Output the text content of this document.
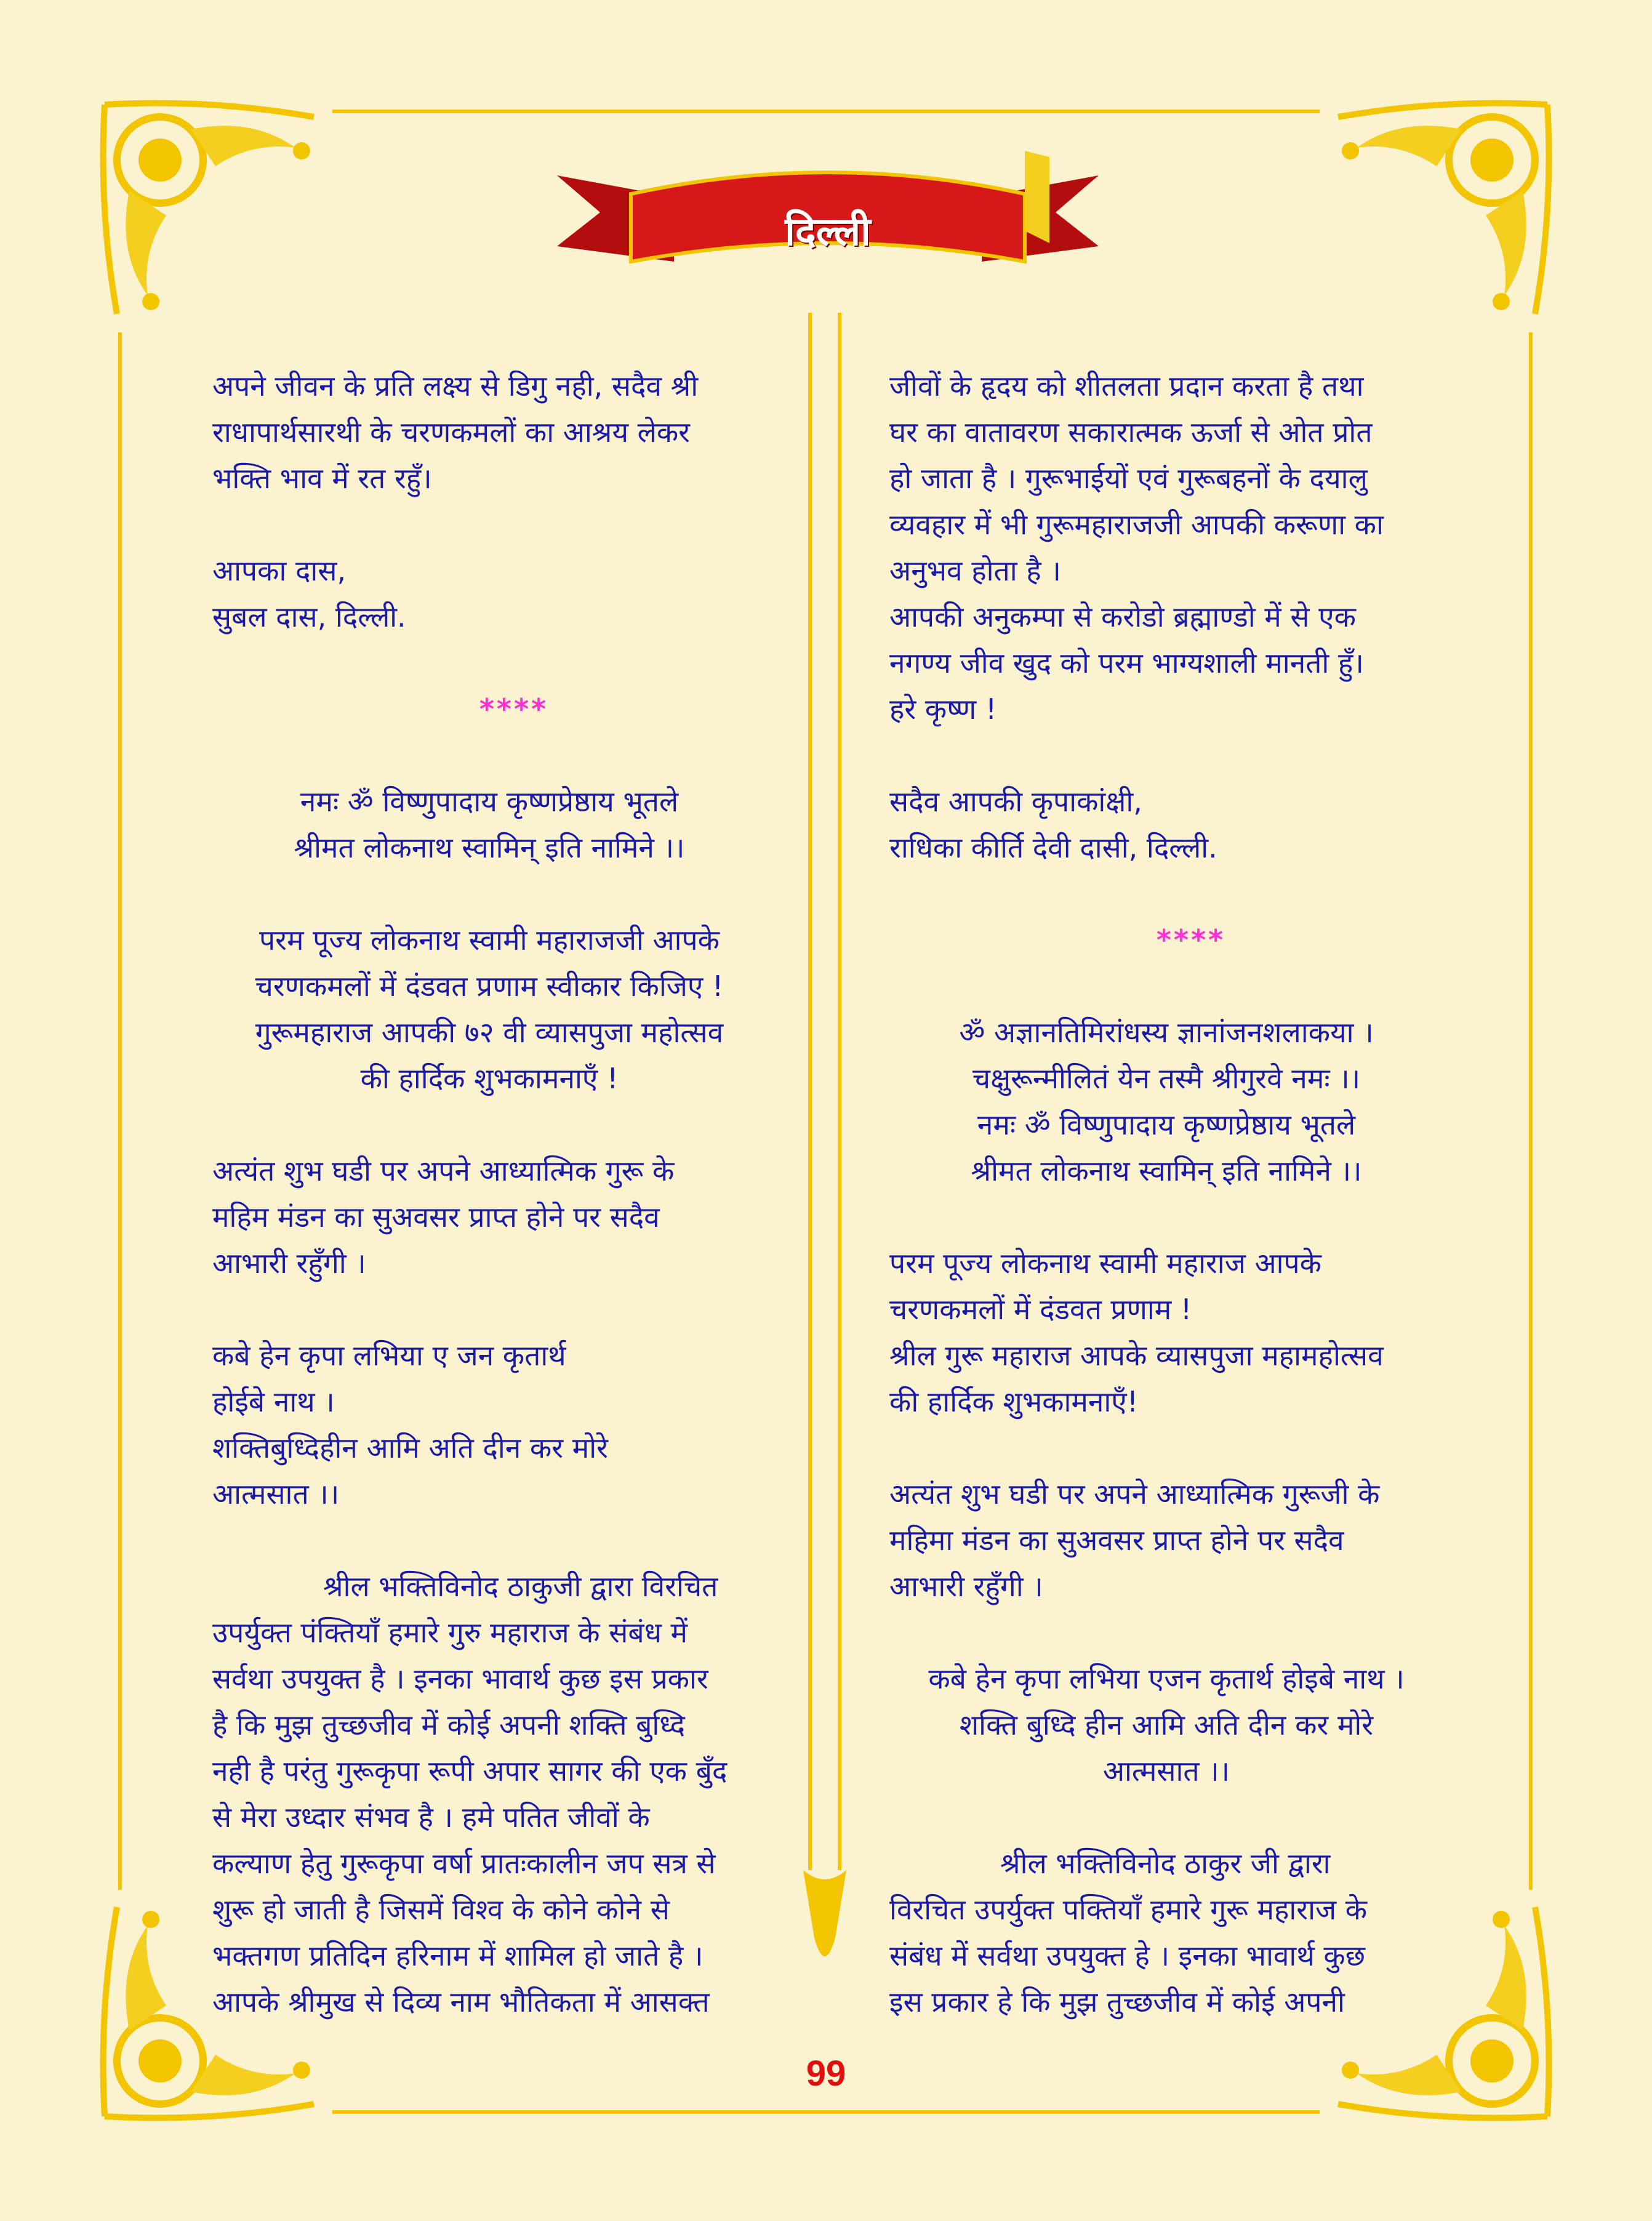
दिल्ली
अपने जीवन के प्रति लक्ष्य से डिगु नही, सदैव श्री
राधापार्थसारथी के चरणकमलों का आश्रय लेकर
भक्ति भाव में रत रहुँ।
आपका दास,
सुबल दास, दिल्ली.
****
नमः ॐ विष्णुपादाय कृष्णप्रेष्ठाय भूतले
श्रीमत लोकनाथ स्वामिन् इति नामिने ।।
परम पूज्य लोकनाथ स्वामी महाराजजी आपके
चरणकमलों में दंडवत प्रणाम स्वीकार किजिए !
गुरूमहाराज आपकी ७२ वी व्यासपुजा महोत्सव
की हार्दिक शुभकामनाएँ !
अत्यंत शुभ घडी पर अपने आध्यात्मिक गुरू के
महिम मंडन का सुअवसर प्राप्त होने पर सदैव
आभारी रहुँगी ।
कबे हेन कृपा लभिया ए जन कृतार्थ
होईबे नाथ ।
शक्तिबुध्दिहीन आमि अति दीन कर मोरे
आत्मसात ।।
श्रील भक्तिविनोद ठाकुजी द्वारा विरचित
उपर्युक्त पंक्तियाँ हमारे गुरु महाराज के संबंध में
सर्वथा उपयुक्त है । इनका भावार्थ कुछ इस प्रकार
है कि मुझ तुच्छजीव में कोई अपनी शक्ति बुध्दि
नही है परंतु गुरूकृपा रूपी अपार सागर की एक बुँद
से मेरा उध्दार संभव है । हमे पतित जीवों के
कल्याण हेतु गुरूकृपा वर्षा प्रातःकालीन जप सत्र से
शुरू हो जाती है जिसमें विश्व के कोने कोने से
भक्तगण प्रतिदिन हरिनाम में शामिल हो जाते है ।
आपके श्रीमुख से दिव्य नाम भौतिकता में आसक्त
जीवों के हृदय को शीतलता प्रदान करता है तथा
घर का वातावरण सकारात्मक ऊर्जा से ओत प्रोत
हो जाता है । गुरूभाईयों एवं गुरूबहनों के दयालु
व्यवहार में भी गुरूमहाराजजी आपकी करूणा का
अनुभव होता है ।
आपकी अनुकम्पा से करोडो ब्रह्माण्डो में से एक
नगण्य जीव खुद को परम भाग्यशाली मानती हुँ।
हरे कृष्ण !
सदैव आपकी कृपाकांक्षी,
राधिका कीर्ति देवी दासी, दिल्ली.
****
ॐ अज्ञानतिमिरांधस्य ज्ञानांजनशलाकया ।
चक्षुरून्मीलितं येन तस्मै श्रीगुरवे नमः ।।
नमः ॐ विष्णुपादाय कृष्णप्रेष्ठाय भूतले
श्रीमत लोकनाथ स्वामिन् इति नामिने ।।
परम पूज्य लोकनाथ स्वामी महाराज आपके
चरणकमलों में दंडवत प्रणाम !
श्रील गुरू महाराज आपके व्यासपुजा महामहोत्सव
की हार्दिक शुभकामनाएँ!
अत्यंत शुभ घडी पर अपने आध्यात्मिक गुरूजी के
महिमा मंडन का सुअवसर प्राप्त होने पर सदैव
आभारी रहुँगी ।
कबे हेन कृपा लभिया एजन कृतार्थ होइबे नाथ ।
शक्ति बुध्दि हीन आमि अति दीन कर मोरे
आत्मसात ।।
श्रील भक्तिविनोद ठाकुर जी द्वारा
विरचित उपर्युक्त पक्तियाँ हमारे गुरू महाराज के
संबंध में सर्वथा उपयुक्त हे । इनका भावार्थ कुछ
इस प्रकार हे कि मुझ तुच्छजीव में कोई अपनी
99
